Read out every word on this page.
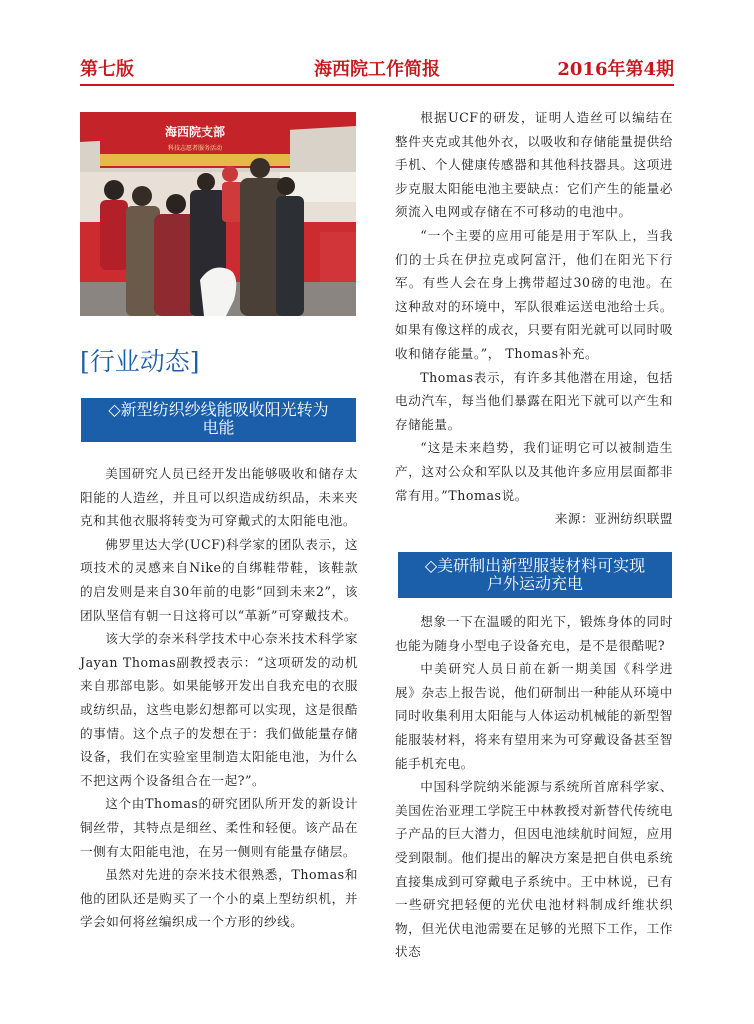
第七版	海西院工作简报	2016年第4期
海西院支部
科技志愿者服务活动
[行业动态]
◇新型纺织纱线能吸收阳光转为
电能

美国研究人员已经开发出能够吸收和储存太阳能的人造丝，并且可以织造成纺织品，未来夹克和其他衣服将转变为可穿戴式的太阳能电池。

佛罗里达大学(UCF)科学家的团队表示，这项技术的灵感来自Nike的自绑鞋带鞋，该鞋款的启发则是来自30年前的电影“回到未来2”，该团队坚信有朝一日这将可以“革新”可穿戴技术。

该大学的奈米科学技术中心奈米技术科学家Jayan Thomas副教授表示：“这项研发的动机来自那部电影。如果能够开发出自我充电的衣服或纺织品，这些电影幻想都可以实现，这是很酷的事情。这个点子的发想在于：我们做能量存储设备，我们在实验室里制造太阳能电池，为什么不把这两个设备组合在一起?”。

这个由Thomas的研究团队所开发的新设计铜丝带，其特点是细丝、柔性和轻便。该产品在一侧有太阳能电池，在另一侧则有能量存储层。

虽然对先进的奈米技术很熟悉，Thomas和他的团队还是购买了一个小的桌上型纺织机，并学会如何将丝编织成一个方形的纱线。

根据UCF的研发，证明人造丝可以编结在整件夹克或其他外衣，以吸收和存储能量提供给手机、个人健康传感器和其他科技器具。这项进步克服太阳能电池主要缺点：它们产生的能量必须流入电网或存储在不可移动的电池中。

“一个主要的应用可能是用于军队上，当我们的士兵在伊拉克或阿富汗，他们在阳光下行军。有些人会在身上携带超过30磅的电池。在这种敌对的环境中，军队很难运送电池给士兵。如果有像这样的成衣，只要有阳光就可以同时吸收和储存能量。”， Thomas补充。

Thomas表示，有许多其他潜在用途，包括电动汽车，每当他们暴露在阳光下就可以产生和存储能量。

“这是未来趋势，我们证明它可以被制造生产，这对公众和军队以及其他许多应用层面都非常有用。”Thomas说。

来源：亚洲纺织联盟

◇美研制出新型服装材料可实现
户外运动充电

想象一下在温暖的阳光下，锻炼身体的同时也能为随身小型电子设备充电，是不是很酷呢?

中美研究人员日前在新一期美国《科学进展》杂志上报告说，他们研制出一种能从环境中同时收集利用太阳能与人体运动机械能的新型智能服装材料，将来有望用来为可穿戴设备甚至智能手机充电。

中国科学院纳米能源与系统所首席科学家、美国佐治亚理工学院王中林教授对新替代传统电子产品的巨大潜力，但因电池续航时间短，应用受到限制。他们提出的解决方案是把自供电系统直接集成到可穿戴电子系统中。王中林说，已有一些研究把轻便的光伏电池材料制成纤维状织物，但光伏电池需要在足够的光照下工作，工作状态
